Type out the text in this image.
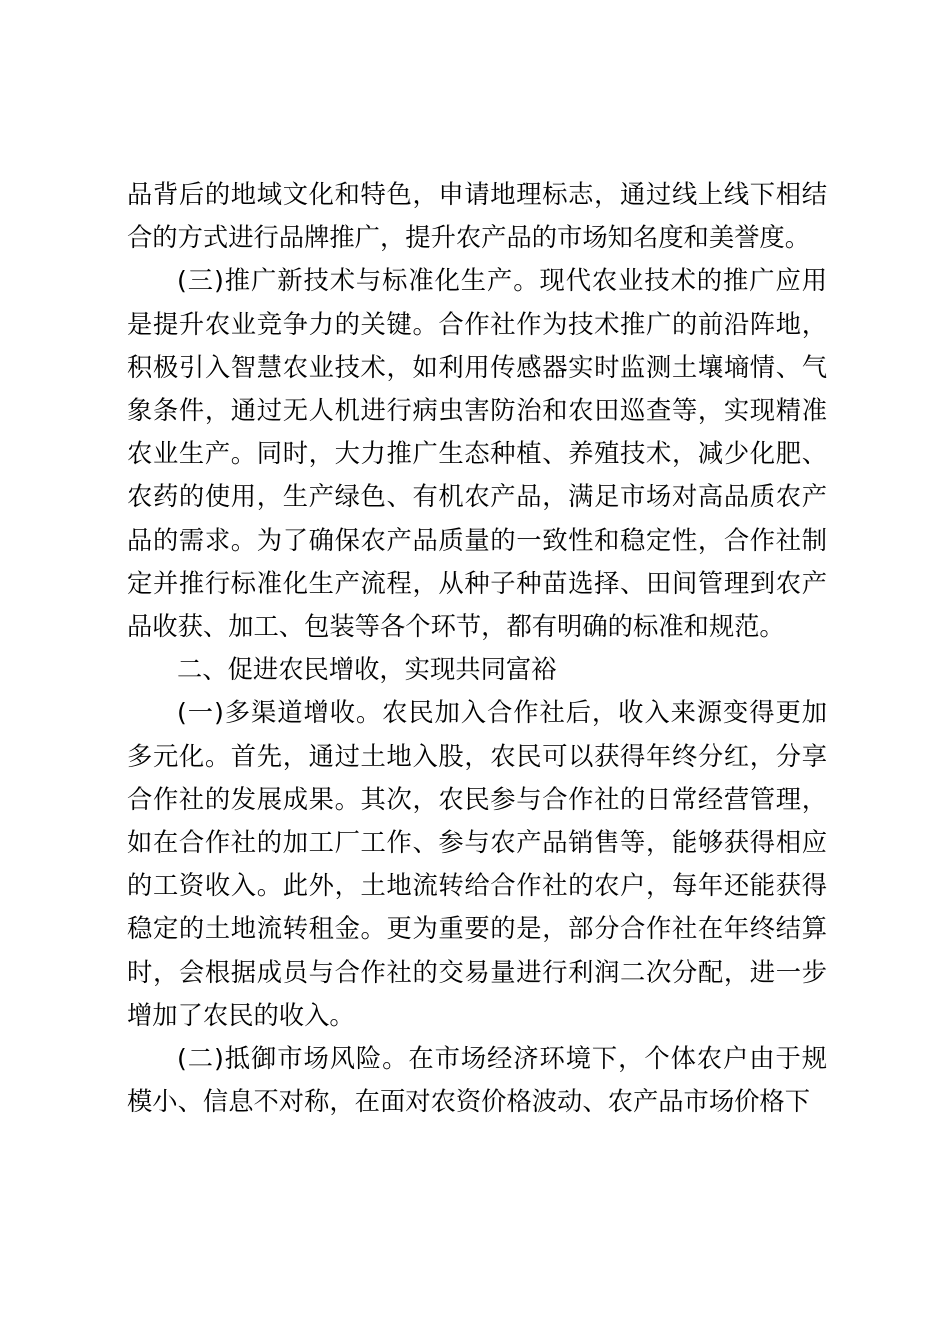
品背后的地域文化和特色，申请地理标志，通过线上线下相结合的方式进行品牌推广，提升农产品的市场知名度和美誉度。

(三)推广新技术与标准化生产。现代农业技术的推广应用是提升农业竞争力的关键。合作社作为技术推广的前沿阵地，积极引入智慧农业技术，如利用传感器实时监测土壤墒情、气象条件，通过无人机进行病虫害防治和农田巡查等，实现精准农业生产。同时，大力推广生态种植、养殖技术，减少化肥、农药的使用，生产绿色、有机农产品，满足市场对高品质农产品的需求。为了确保农产品质量的一致性和稳定性，合作社制定并推行标准化生产流程，从种子种苗选择、田间管理到农产品收获、加工、包装等各个环节，都有明确的标准和规范。

二、促进农民增收，实现共同富裕

(一)多渠道增收。农民加入合作社后，收入来源变得更加多元化。首先，通过土地入股，农民可以获得年终分红，分享合作社的发展成果。其次，农民参与合作社的日常经营管理，如在合作社的加工厂工作、参与农产品销售等，能够获得相应的工资收入。此外，土地流转给合作社的农户，每年还能获得稳定的土地流转租金。更为重要的是，部分合作社在年终结算时，会根据成员与合作社的交易量进行利润二次分配，进一步增加了农民的收入。

(二)抵御市场风险。在市场经济环境下，个体农户由于规模小、信息不对称，在面对农资价格波动、农产品市场价格下
